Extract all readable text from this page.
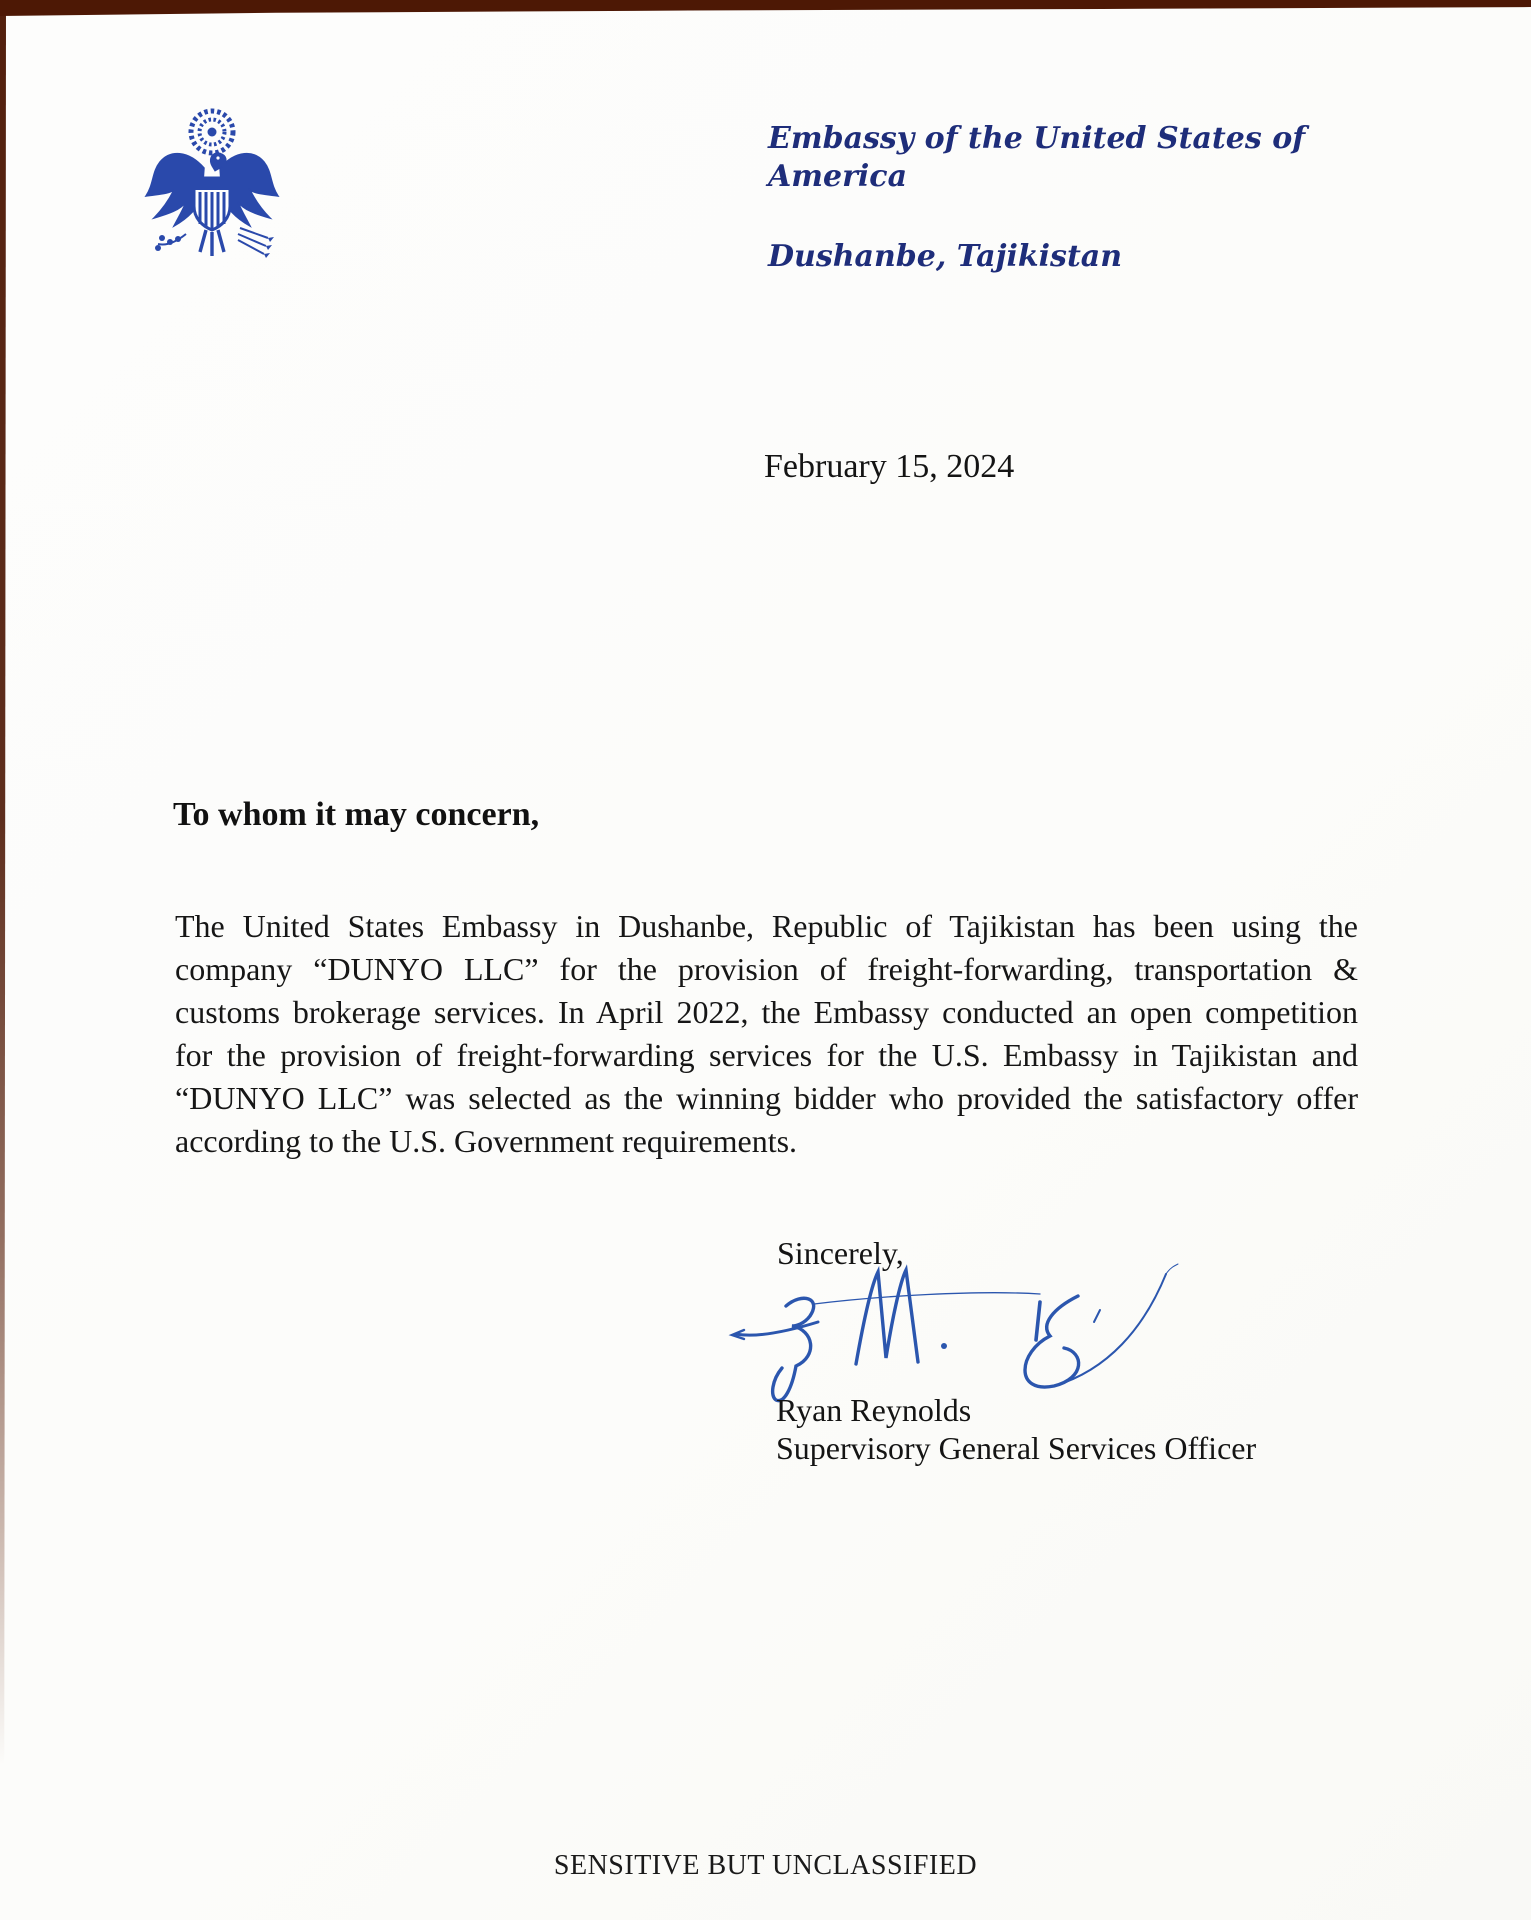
Embassy of the United States of America
Dushanbe, Tajikistan
February 15, 2024
To whom it may concern,
The United States Embassy in Dushanbe, Republic of Tajikistan has been using the
company “DUNYO LLC” for the provision of freight-forwarding, transportation &
customs brokerage services. In April 2022, the Embassy conducted an open competition
for the provision of freight-forwarding services for the U.S. Embassy in Tajikistan and
“DUNYO LLC” was selected as the winning bidder who provided the satisfactory offer
according to the U.S. Government requirements.
Sincerely,
Ryan Reynolds
Supervisory General Services Officer
SENSITIVE BUT UNCLASSIFIED
